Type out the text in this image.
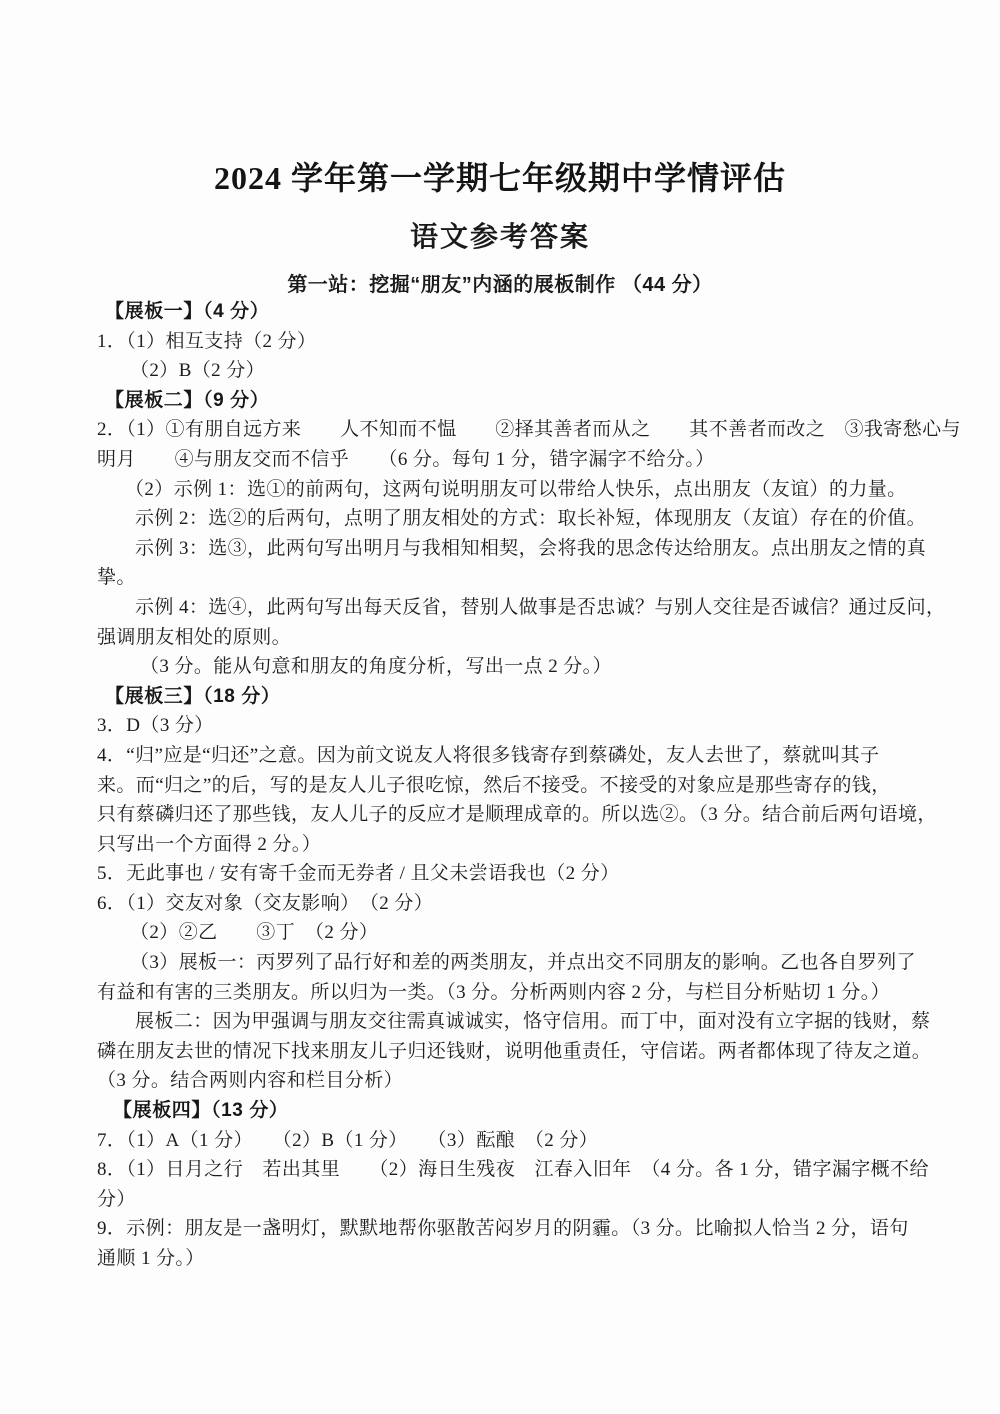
2024 学年第一学期七年级期中学情评估
语文参考答案
第一站：挖掘“朋友”内涵的展板制作 （44 分）
【展板一】（4 分）
1．（1）相互支持（2 分）
（2）B（2 分）
【展板二】（9 分）
2．（1）①有朋自远方来　　人不知而不愠　　②择其善者而从之　　其不善者而改之　③我寄愁心与
明月　　④与朋友交而不信乎　　（6 分。每句 1 分，错字漏字不给分。）
（2）示例 1：选①的前两句，这两句说明朋友可以带给人快乐，点出朋友（友谊）的力量。
示例 2：选②的后两句，点明了朋友相处的方式：取长补短，体现朋友（友谊）存在的价值。
示例 3：选③，此两句写出明月与我相知相契，会将我的思念传达给朋友。点出朋友之情的真
挚。
示例 4：选④，此两句写出每天反省，替别人做事是否忠诚？与别人交往是否诚信？通过反问，
强调朋友相处的原则。
（3 分。能从句意和朋友的角度分析，写出一点 2 分。）
【展板三】（18 分）
3．D（3 分）
4．“归”应是“归还”之意。因为前文说友人将很多钱寄存到蔡磷处，友人去世了，蔡就叫其子
来。而“归之”的后，写的是友人儿子很吃惊，然后不接受。不接受的对象应是那些寄存的钱，
只有蔡磷归还了那些钱，友人儿子的反应才是顺理成章的。所以选②。（3 分。结合前后两句语境，
只写出一个方面得 2 分。）
5．无此事也 / 安有寄千金而无券者 / 且父未尝语我也（2 分）
6．（1）交友对象（交友影响）　（2 分）
（2）②乙　　③丁　（2 分）
（3）展板一：丙罗列了品行好和差的两类朋友，并点出交不同朋友的影响。乙也各自罗列了
有益和有害的三类朋友。所以归为一类。（3 分。分析两则内容 2 分，与栏目分析贴切 1 分。）
展板二：因为甲强调与朋友交往需真诚诚实，恪守信用。而丁中，面对没有立字据的钱财，蔡
磷在朋友去世的情况下找来朋友儿子归还钱财，说明他重责任，守信诺。两者都体现了待友之道。
（3 分。结合两则内容和栏目分析）
【展板四】（13 分）
7．（1）A（1 分）　　（2）B（1 分）　　（3）酝酿　（2 分）
8．（1）日月之行　若出其里　　（2）海日生残夜　江春入旧年　（4 分。各 1 分，错字漏字概不给
分）
9．示例：朋友是一盏明灯，默默地帮你驱散苦闷岁月的阴霾。（3 分。比喻拟人恰当 2 分，语句
通顺 1 分。）
